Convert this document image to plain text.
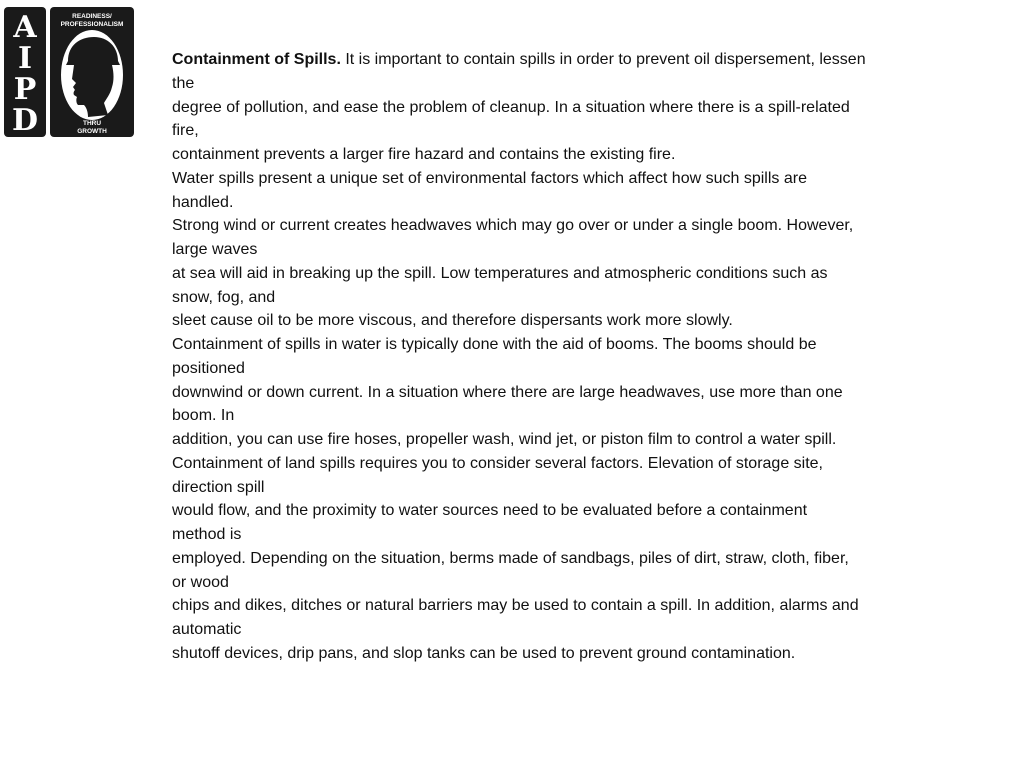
A
I
P
D
READINESS/
PROFESSIONALISM
THRU
GROWTH
Containment of Spills. It is important to contain spills in order to prevent oil dispersement, lessen
the
degree of pollution, and ease the problem of cleanup. In a situation where there is a spill-related
fire,
containment prevents a larger fire hazard and contains the existing fire.
Water spills present a unique set of environmental factors which affect how such spills are
handled.
Strong wind or current creates headwaves which may go over or under a single boom. However,
large waves
at sea will aid in breaking up the spill. Low temperatures and atmospheric conditions such as
snow, fog, and
sleet cause oil to be more viscous, and therefore dispersants work more slowly.
Containment of spills in water is typically done with the aid of booms. The booms should be
positioned
downwind or down current. In a situation where there are large headwaves, use more than one
boom. In
addition, you can use fire hoses, propeller wash, wind jet, or piston film to control a water spill.
Containment of land spills requires you to consider several factors. Elevation of storage site,
direction spill
would flow, and the proximity to water sources need to be evaluated before a containment
method is
employed. Depending on the situation, berms made of sandbags, piles of dirt, straw, cloth, fiber,
or wood
chips and dikes, ditches or natural barriers may be used to contain a spill. In addition, alarms and
automatic
shutoff devices, drip pans, and slop tanks can be used to prevent ground contamination.
